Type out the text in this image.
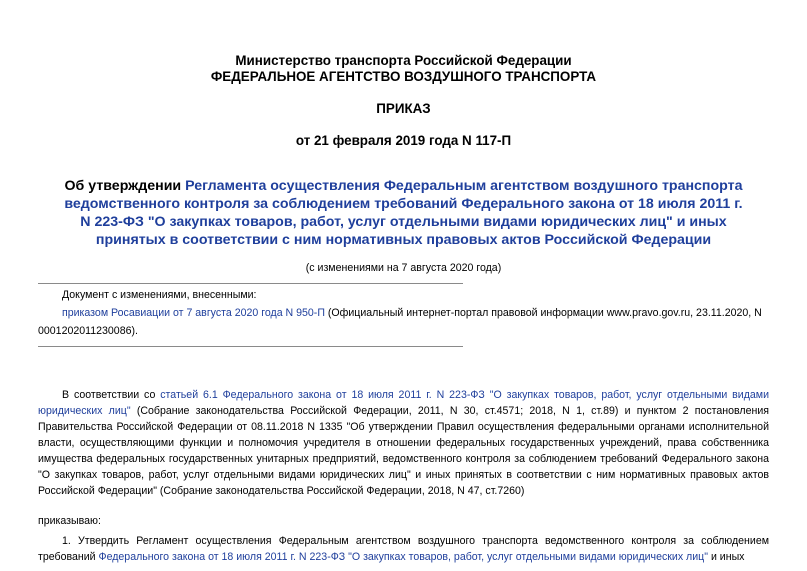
Министерство транспорта Российской Федерации
ФЕДЕРАЛЬНОЕ АГЕНТСТВО ВОЗДУШНОГО ТРАНСПОРТА
ПРИКАЗ
от 21 февраля 2019 года N 117-П
Об утверждении Регламента осуществления Федеральным агентством воздушного транспорта ведомственного контроля за соблюдением требований Федерального закона от 18 июля 2011 г. N 223-ФЗ "О закупках товаров, работ, услуг отдельными видами юридических лиц" и иных принятых в соответствии с ним нормативных правовых актов Российской Федерации
(с изменениями на 7 августа 2020 года)
Документ с изменениями, внесенными:
приказом Росавиации от 7 августа 2020 года N 950-П (Официальный интернет-портал правовой информации www.pravo.gov.ru, 23.11.2020, N 0001202011230086).
В соответствии со статьей 6.1 Федерального закона от 18 июля 2011 г. N 223-ФЗ "О закупках товаров, работ, услуг отдельными видами юридических лиц" (Собрание законодательства Российской Федерации, 2011, N 30, ст.4571; 2018, N 1, ст.89) и пунктом 2 постановления Правительства Российской Федерации от 08.11.2018 N 1335 "Об утверждении Правил осуществления федеральными органами исполнительной власти, осуществляющими функции и полномочия учредителя в отношении федеральных государственных учреждений, права собственника имущества федеральных государственных унитарных предприятий, ведомственного контроля за соблюдением требований Федерального закона "О закупках товаров, работ, услуг отдельными видами юридических лиц" и иных принятых в соответствии с ним нормативных правовых актов Российской Федерации" (Собрание законодательства Российской Федерации, 2018, N 47, ст.7260)
приказываю:
1. Утвердить Регламент осуществления Федеральным агентством воздушного транспорта ведомственного контроля за соблюдением требований Федерального закона от 18 июля 2011 г. N 223-ФЗ "О закупках товаров, работ, услуг отдельными видами юридических лиц" и иных
